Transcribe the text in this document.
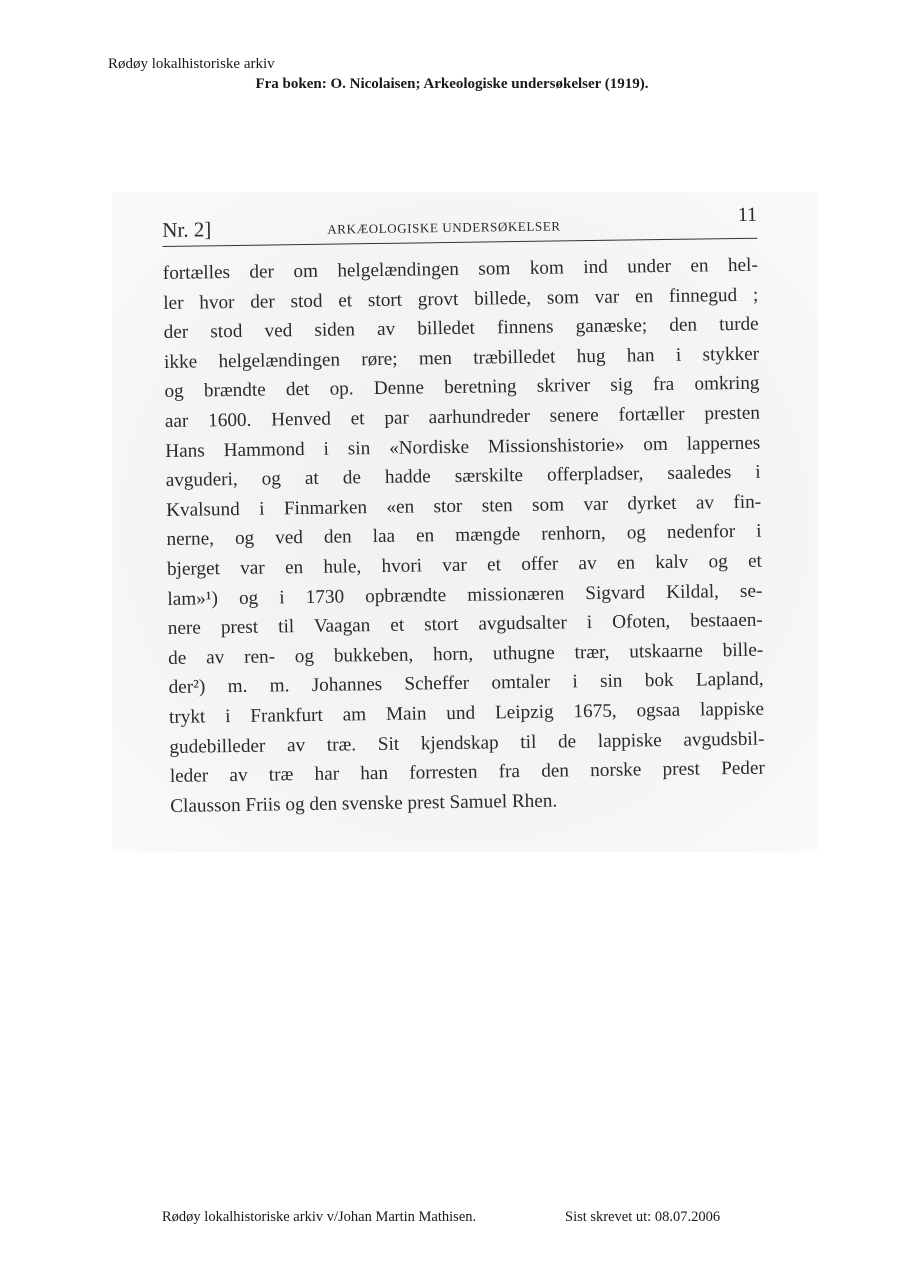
Rødøy lokalhistoriske arkiv
Fra boken: O. Nicolaisen; Arkeologiske undersøkelser (1919).
Nr. 2]	ARKÆOLOGISKE UNDERSØKELSER
11
fortælles der om helgelændingen som kom ind under en hel-
ler hvor der stod et stort grovt billede, som var en finnegud ;
der stod ved siden av billedet finnens ganæske; den turde
ikke helgelændingen røre; men træbilledet hug han i stykker
og brændte det op. Denne beretning skriver sig fra omkring
aar 1600. Henved et par aarhundreder senere fortæller presten
Hans Hammond i sin «Nordiske Missionshistorie» om lappernes
avguderi, og at de hadde særskilte offerpladser, saaledes i
Kvalsund i Finmarken «en stor sten som var dyrket av fin-
nerne, og ved den laa en mængde renhorn, og nedenfor i
bjerget var en hule, hvori var et offer av en kalv og et
lam»¹) og i 1730 opbrændte missionæren Sigvard Kildal, se-
nere prest til Vaagan et stort avgudsalter i Ofoten, bestaaen-
de av ren- og bukkeben, horn, uthugne trær, utskaarne bille-
der²) m. m. Johannes Scheffer omtaler i sin bok Lapland,
trykt i Frankfurt am Main und Leipzig 1675, ogsaa lappiske
gudebilleder av træ. Sit kjendskap til de lappiske avgudsbil-
leder av træ har han forresten fra den norske prest Peder
Clausson Friis og den svenske prest Samuel Rhen.
Rødøy lokalhistoriske arkiv v/Johan Martin Mathisen.	Sist skrevet ut: 08.07.2006
